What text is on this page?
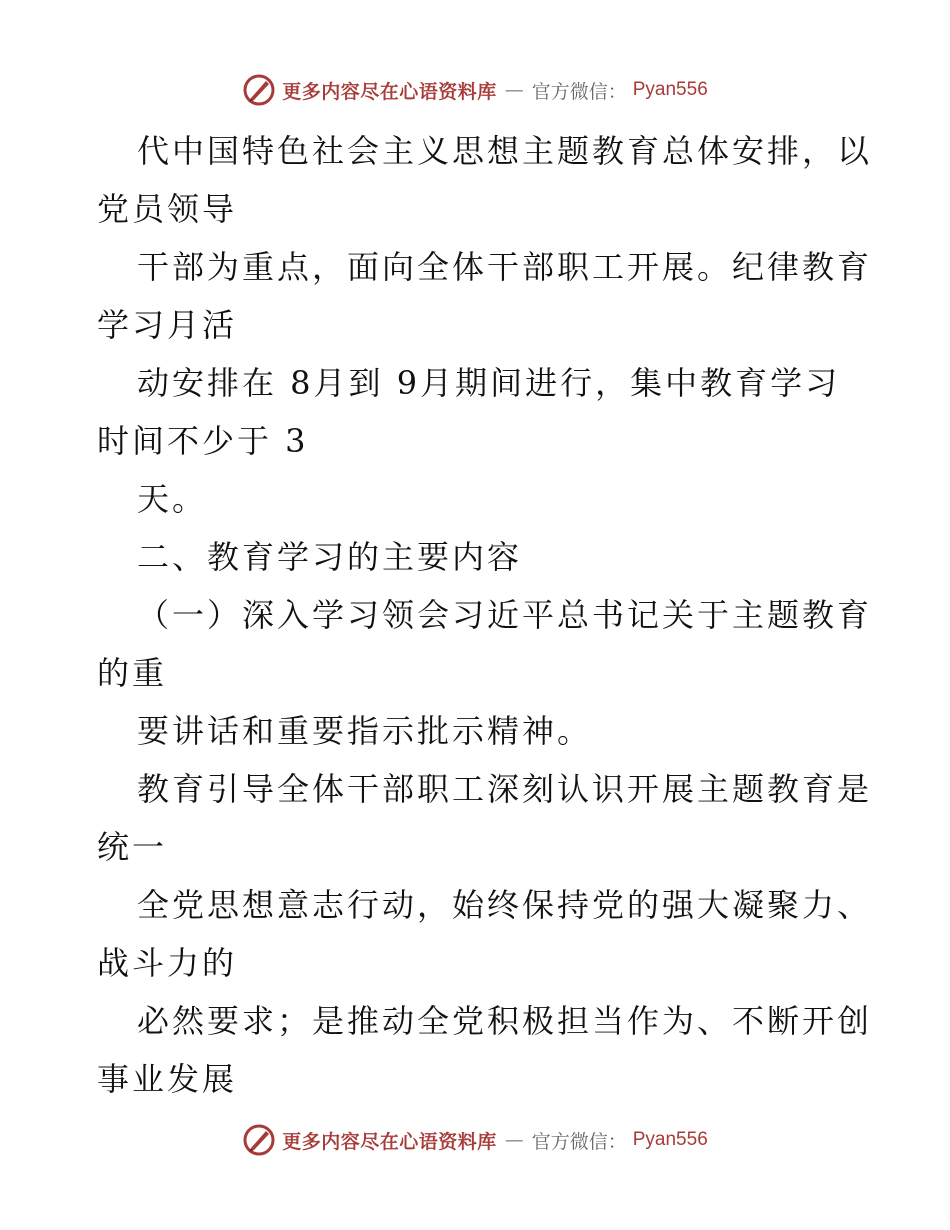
更多内容尽在心语资料库 — 官方微信： Pyan556
代中国特色社会主义思想主题教育总体安排，以
党员领导
干部为重点，面向全体干部职工开展。纪律教育
学习月活
动安排在 8月到 9月期间进行，集中教育学习
时间不少于 3
天。
二、教育学习的主要内容
（一）深入学习领会习近平总书记关于主题教育
的重
要讲话和重要指示批示精神。
教育引导全体干部职工深刻认识开展主题教育是
统一
全党思想意志行动，始终保持党的强大凝聚力、
战斗力的
必然要求；是推动全党积极担当作为、不断开创
事业发展
更多内容尽在心语资料库 — 官方微信： Pyan556
